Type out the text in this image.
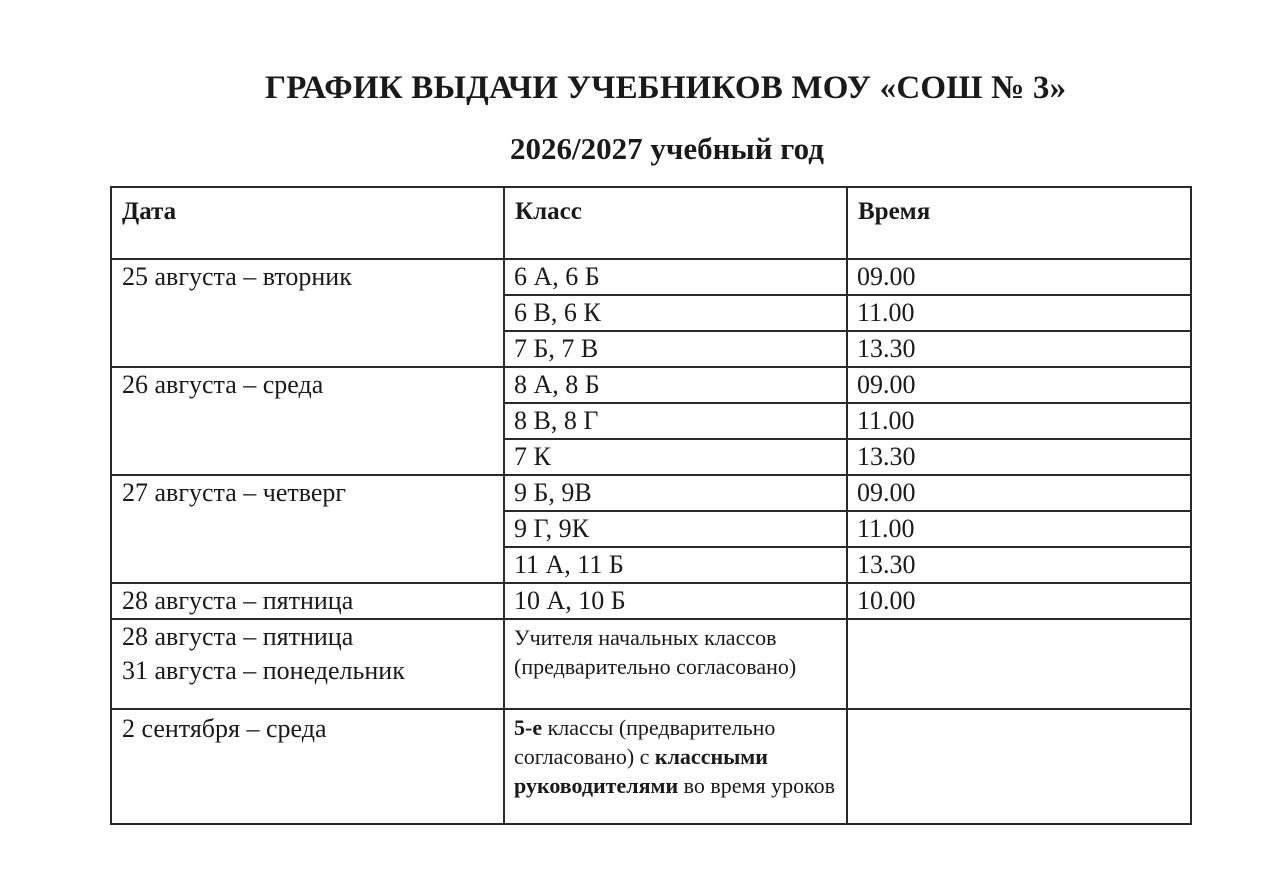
ГРАФИК ВЫДАЧИ УЧЕБНИКОВ МОУ «СОШ № 3»
2026/2027 учебный год
Дата	Класс	Время
25 августа – вторник	6 А, 6 Б	09.00
	6 В, 6 К	11.00
	7 Б, 7 В	13.30
26 августа – среда	8 А, 8 Б	09.00
	8 В, 8 Г	11.00
	7 К	13.30
27 августа – четверг	9 Б, 9В	09.00
	9 Г, 9К	11.00
	11 А, 11 Б	13.30
28 августа – пятница	10 А, 10 Б	10.00

28 августа – пятница
31 августа – понедельник	Учителя начальных классов (предварительно согласовано)	
2 сентября – среда	5-е классы (предварительно согласовано) с классными руководителями во время уроков	
